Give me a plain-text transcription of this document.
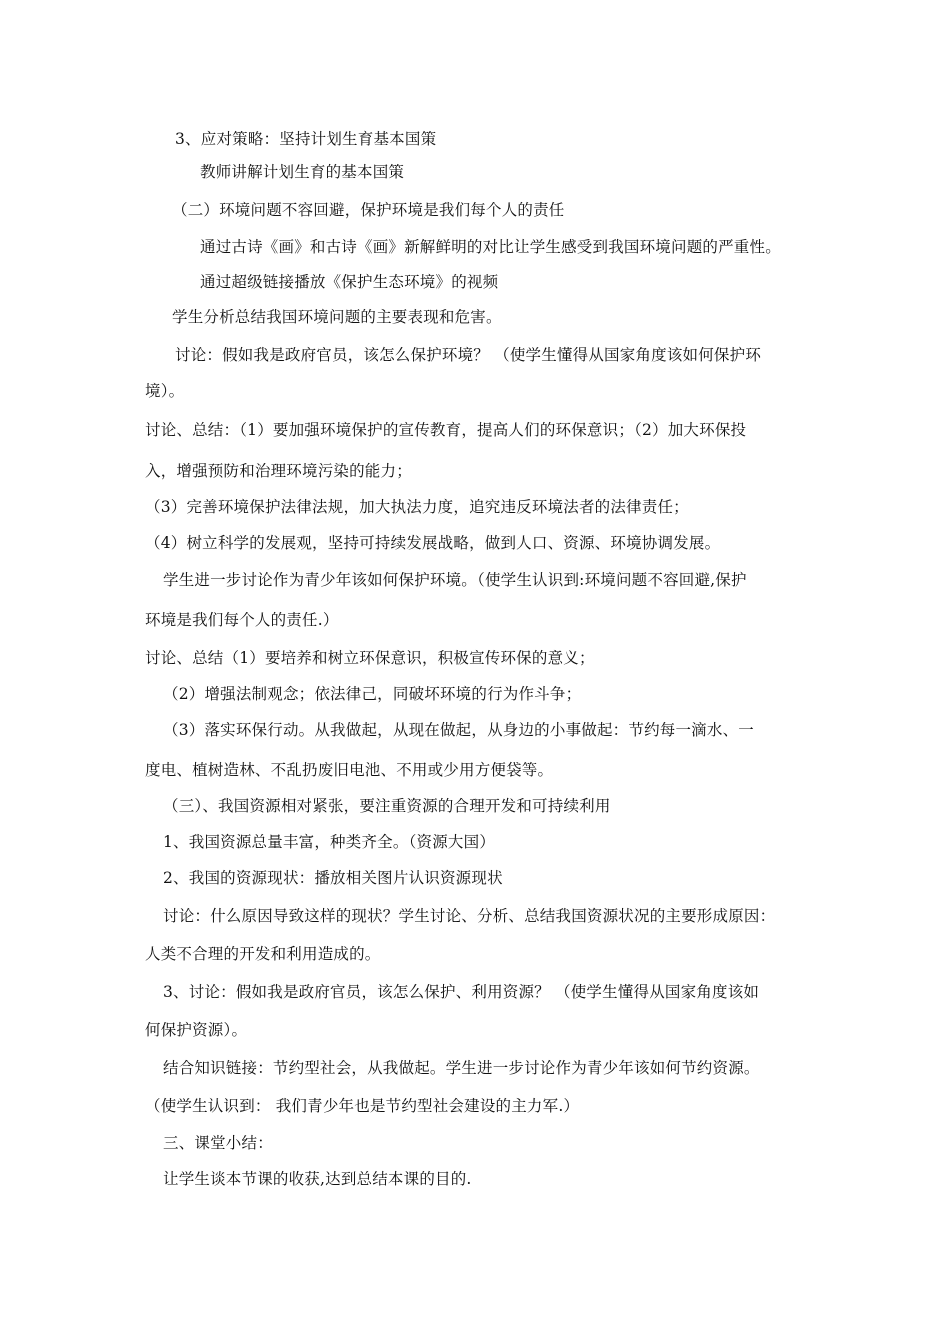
3、应对策略：坚持计划生育基本国策
教师讲解计划生育的基本国策
（二）环境问题不容回避，保护环境是我们每个人的责任
通过古诗《画》和古诗《画》新解鲜明的对比让学生感受到我国环境问题的严重性。
通过超级链接播放《保护生态环境》的视频
学生分析总结我国环境问题的主要表现和危害。
讨论：假如我是政府官员，该怎么保护环境？ （使学生懂得从国家角度该如何保护环
境）。
讨论、总结：（1）要加强环境保护的宣传教育，提高人们的环保意识；（2）加大环保投
入，增强预防和治理环境污染的能力；
（3）完善环境保护法律法规，加大执法力度，追究违反环境法者的法律责任；
（4）树立科学的发展观，坚持可持续发展战略，做到人口、资源、环境协调发展。
学生进一步讨论作为青少年该如何保护环境。（使学生认识到:环境问题不容回避,保护
环境是我们每个人的责任.）
讨论、总结（1）要培养和树立环保意识，积极宣传环保的意义；
（2）增强法制观念；依法律己，同破坏环境的行为作斗争；
（3）落实环保行动。从我做起，从现在做起，从身边的小事做起：节约每一滴水、一
度电、植树造林、不乱扔废旧电池、不用或少用方便袋等。
（三）、我国资源相对紧张，要注重资源的合理开发和可持续利用
1、我国资源总量丰富，种类齐全。（资源大国）
2、我国的资源现状：播放相关图片认识资源现状
讨论：什么原因导致这样的现状？学生讨论、分析、总结我国资源状况的主要形成原因：
人类不合理的开发和利用造成的。
3、讨论：假如我是政府官员，该怎么保护、利用资源？ （使学生懂得从国家角度该如
何保护资源）。
结合知识链接：节约型社会，从我做起。学生进一步讨论作为青少年该如何节约资源。
（使学生认识到： 我们青少年也是节约型社会建设的主力军.）
三、课堂小结：
让学生谈本节课的收获,达到总结本课的目的.
